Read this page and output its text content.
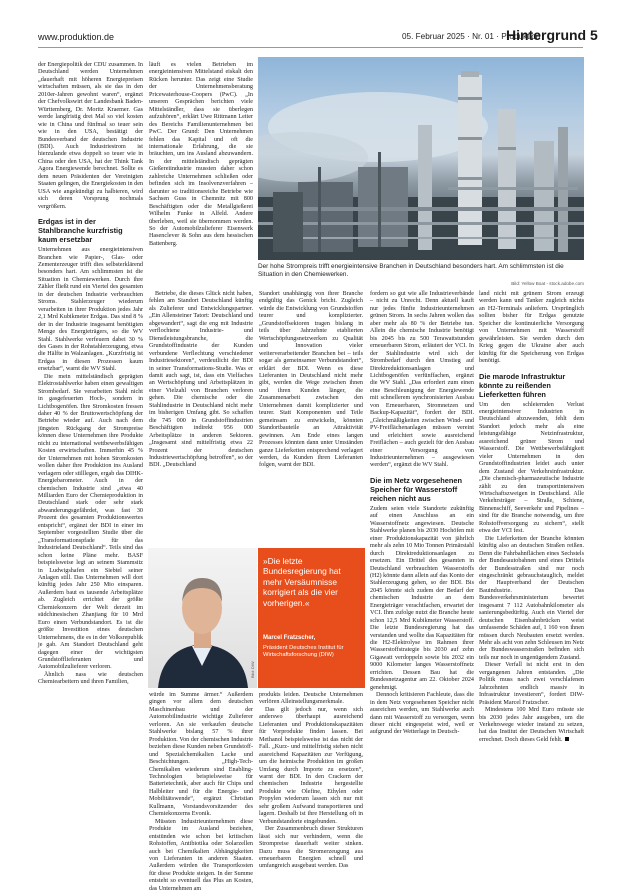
www.produktion.de	05. Februar 2025 · Nr. 01 · Produktion
Hintergrund 5

der Energiepolitik der CDU zusammen. In Deutschland werden Unternehmen „dauerhaft mit höheren Energiepreisen wirtschaften müssen, als sie das in den 2010er-Jahren gewohnt waren“, ergänzt der Chefvolkswirt der Landesbank Baden-Württemberg, Dr. Moritz Kraemer. Gas werde langfristig drei Mal so viel kosten wie in China und fünfmal so teuer sein wie in den USA, bestätigt der Bundesverband der deutschen Industrie (BDI). Auch Industriestrom ist hierzulande etwa doppelt so teuer wie in China oder den USA, hat der Think Tank Agora Energiewende berechnet. Sollte es dem neuen Präsidenten der Vereinigten Staaten gelingen, die Energiekosten in den USA wie angekündigt zu halbieren, wird sich deren Vorsprung nochmals vergrößern.

Erdgas ist in der Stahlbranche kurzfristig kaum ersetzbar

Unternehmen aus energieintensiven Branchen wie Papier-, Glas- oder Zementerzeuger trifft dies selbsterklärend besonders hart. Am schlimmsten ist die Situation in Chemiewerken. Durch ihre Zähler fließt rund ein Viertel des gesamten in der deutschen Industrie verbrauchten Stroms. Stahlerzeuger wiederum verarbeiten in ihrer Produktion jedes Jahr 2,1 Mrd Kubikmeter Erdgas. Das sind 8 % der in der Industrie insgesamt benötigten Menge des Energieträgers, so die WV Stahl. Stahlwerke verfeuern dabei 30 % des Gases in der Rohstahlerzeugung, etwa die Hälfte in Walzanlagen. „Kurzfristig ist Erdgas in diesen Prozessen kaum ersetzbar“, warnt die WV Stahl.

Die mein mittelständisch geprägten Elektrostahlwerke haben einen gewaltigen Strombedarf. Sie verarbeiten Stahl nicht in gasgefeuerten Hoch-, sondern in Lichtbogenöfen. Ihre Stromkosten fressen daher 40 % der Bruttowertschöpfung der Betriebe wieder auf. Auch nach dem jüngsten Rückgang der Strompreise können diese Unternehmen ihre Produkte nicht zu international wettbewerbsfähigen Kosten erwirtschaften. Immerhin 45 % der Unternehmen mit hohen Stromkosten wollen daher ihre Produktion ins Ausland verlagern oder stilllegen, ergab das DIHK-Energiebarometer. Auch in der chemischen Industrie sind „etwa 40 Milliarden Euro der Chemieproduktion in Deutschland stark oder sehr stark abwanderungsgefährdet, was fast 30 Prozent des gesamten Produktionswertes entspricht“, ergänzt der BDI in einer im September vorgestellten Studie über die „Transformationspfade für das Industrieland Deutschland“. Teils sind das schon keine Pläne mehr. BASF beispielsweise legt an seinem Stammsitz in Ludwigshafen ein Siebtel seiner Anlagen still. Das Unternehmen will dort künftig jedes Jahr 250 Mio einsparen. Außerdem baut es tausende Arbeitsplätze ab. Zugleich errichtet der größte Chemiekonzern der Welt derzeit im südchinesischen Zhanjiang für 10 Mrd Euro einen Verbundstandort. Es ist die größte Investition eines deutschen Unternehmens, die es in der Volksrepublik je gab. Am Standort Deutschland geht dagegen einer der wichtigsten Grundstofflieferanten und Automobilzulieferer verloren.

Ähnlich nass wie deutschen Chemiearbeitern und ihren Familien,

läuft es vielen Betrieben im energieintensiven Mittelstand eiskalt den Rücken herunter. Das zeigt eine Studie der Unternehmensberatung Pricewaterhouse-Coopers (PwC). „In unseren Gesprächen berichten viele Mittelständler, dass sie überlegen aufzuhören“, erklärt Uwe Rittmann Leiter des Bereichs Familienunternehmen bei PwC. Der Grund: Den Unternehmen fehlen das Kapital und oft die internationale Erfahrung, die sie bräuchten, um ins Ausland abzuwandern. In der mittelständisch geprägten Gießereiindustrie mussten daher schon zahlreiche Unternehmen schließen oder befinden sich im Insolvenzverfahren – darunter so traditionsreiche Betriebe wie Sachsen Guss in Chemnitz mit 800 Beschäftigten oder die Metallgießerei Wilhelm Funke in Alfeld. Andere überleben, weil sie übernommen werden. So der Automobilzulieferer Eisenwerk Hasenclever & Sohn aus dem hessischen Battenberg.

Der hohe Strompreis trifft energieintensive Branchen in Deutschland besonders hart. Am schlimmsten ist die Situation in den Chemiewerken.
Bild: Yellow Boat - stock.adobe.com

Betriebe, die dieses Glück nicht haben, fehlen am Standort Deutschland künftig als Zulieferer und Entwicklungspartner. „Ein Allensteiner Tatort: Deutschland und abgewandert“, sagt die eng mit Industrie verflochtene Industrie- und Dienstleistungsbranche, die Grundstoffindustrie der Kunden verbundene Verflechtung verschiedener Industriesektoren“, verdeutlicht der BDI in seiner Transformations-Studie. Was er damit auch sagt, ist, dass ein Vielfaches an Wertschöpfung und Arbeitsplätzen in einer Vielzahl von Branchen verloren gehen. Die chemische oder die Stahlindustrie in Deutschland nicht mehr im bisherigen Umfang gibt. So schaffen die 745 000 in Grundstoffindustrien Beschäftigten indirekt 956 000 Arbeitsplätze in anderen Sektoren. „Insgesamt sind mittelfristig etwa 22 Prozent der deutschen Industriewertschöpfung betroffen“, so der BDI. „Deutschland

Bild: DIW
»Die letzte Bundesregierung hat mehr Versäumnisse korrigiert als die vier vorherigen.«
Marcel Fratzscher,
Präsident Deutsches Institut für Wirtschaftsforschung (DIW)

würde im Summe ärmer.“ Außerdem gingen vor allem dem deutschen Maschinenbau und der Automobilindustrie wichtige Zulieferer verloren. An sie verkaufen deutsche Stahlwerke bislang 57 % ihrer Produktion. Von der chemischen Industrie beziehen diese Kunden neben Grundstoff- und Spezialchemikalien Lacke und Beschichtungen. „High-Tech-Chemikalien wiederum sind Enabling-Technologien beispielsweise für Batterietechnik, aber auch für Chips und Halbleiter und für die Energie- und Mobilitätswende“, ergänzt Christian Kullmann, Vorstandsvorsitzender des Chemiekonzerns Evonik.

Müssten Industrieunternehmen diese Produkte im Ausland beziehen, entstünden wie schon bei kritischen Rohstoffen, Antibiotika oder Solarzellen auch bei Chemikalien Abhängigkeiten von Lieferanten in anderen Staaten. Außerdem würden die Transportkosten für diese Produkte steigen. In der Summe entsteht so eventuell das Plus an Kosten, das Unternehmen am

Standort unabhängig von ihrer Branche endgültig das Genick bricht. Zugleich würde die Entwicklung von Grundstoffen teurer und komplizierter. „Grundstoffsektoren tragen bislang in teils über Jahrzehnte etablierten Wertschöpfungsnetzwerken zu Qualität und Innovation vieler weiterverarbeitender Branchen bei – teils sogar als gemeinsamer Verbundstandort“, erklärt der BDI. Wenn es diese Lieferanten in Deutschland nicht mehr gibt, werden die Wege zwischen ihnen und ihren Kunden länger, die Zusammenarbeit zwischen den Unternehmen damit komplizierter und teurer. Statt Komponenten und Teile gemeinsam zu entwickeln, könnten Standortbauteile an Attraktivität gewinnen. Am Ende eines langen Prozesses könnten dann unter Umständen ganze Lieferketten entsprechend verlagert werden, da Kunden ihren Lieferanten folgen, warnt der BDI.

produkts leiden. Deutsche Unternehmen verlören Alleinstellungsmerkmale.

Das gilt jedoch nur, wenn sich anderswo überhaupt ausreichend Lieferanten und Produktionskapazitäten für Vorprodukte finden lassen. Bei Methanol beispielsweise ist das nicht der Fall. „Kurz- und mittelfristig stehen nicht ausreichend Kapazitäten zur Verfügung, um die heimische Produktion im großen Umfang durch Importe zu ersetzen“, warnt der BDI. In den Crackern der chemischen Industrie hergestellte Produkte wie Olefine, Ethylen oder Propylen wiederum lassen sich nur mit sehr großem Aufwand transportieren und lagern. Deshalb ist ihre Herstellung oft in Verbundstandorte eingebunden.

Der Zusammenbruch dieser Strukturen lässt sich nur verhindern, wenn die Strompreise dauerhaft weiter sinken. Dazu muss die Stromerzeugung aus erneuerbaren Energien schnell und umfangreich ausgebaut werden. Das

fordern so gut wie alle Industrieverbände – nicht zu Unrecht. Denn aktuell kauft nur jedes fünfte Industrieunternehmen grünen Strom. In sechs Jahren wollen das aber mehr als 80 % der Betriebe tun. Allein die chemische Industrie benötigt bis 2045 bis zu 500 Terawattstunden erneuerbaren Strom, erläutert der VCI. In der Stahlindustrie wird sich der Strombedarf durch den Umstieg auf Direktreduktionsanlagen und Lichtbogenöfen verfünffachen, ergänzt die WV Stahl. „Das erfordert zum einen eine Beschleunigung der Energiewende mit schnellerem synchronisierten Ausbau von Erneuerbaren, Stromnetzen und Backup-Kapazität“, fordert der BDI. „Gleichmäßigkeiten zwischen Wind- und PV-Freiflächenanlagen müssen vereint und erleichtert sowie ausreichend Freiflächen – auch gezielt für den Ausbau einer Versorgung von Industrieunternehmen – ausgewiesen werden“, ergänzt die WV Stahl.

Die im Netz vorgesehenen Speicher für Wasserstoff reichen nicht aus

Zudem seien viele Standorte zukünftig auf einen Anschluss an ein Wasserstoffnetz angewiesen. Deutsche Stahlwerke planen bis 2030 Hochöfen mit einer Produktionskapazität von jährlich mehr als zehn 10 Mio Tonnen Primärstahl durch Direktreduktionsanlagen zu ersetzen. Ein Drittel des gesamten in Deutschland verbrauchten Wasserstoffs (H2) könnte dann allein auf das Konto der Stahlerzeugung gehen, so der BDI. Bis 2045 könnte sich zudem der Bedarf der chemischen Industrie an dem Energieträger verachtfachen, erwartet der VCI. Ihm zufolge nutzt die Branche heute schon 12,5 Mrd Kubikmeter Wasserstoff. Die letzte Bundesregierung hat das verstanden und wollte das Kapazitäten für die H2-Elektrolyse im Rahmen ihrer Wasserstoffstrategie bis 2030 auf zehn Gigawatt verdoppeln sowie bis 2032 ein 9000 Kilometer langes Wasserstoffnetz errichten. Dessen Bau hat die Bundesnetzagentur am 22. Oktober 2024 genehmigt.

Dennoch kritisieren Fachleute, dass die in dem Netz vorgesehenen Speicher nicht ausreichen werden, um Stahlwerke auch dann mit Wasserstoff zu versorgen, wenn dieser nicht eingespeist wird, weil er aufgrund der Wetterlage in Deutsch-

land nicht mit grünem Strom erzeugt werden kann und Tanker zugleich nichts an H2-Terminals anliefern. Ursprünglich sollten bisher für Erdgas genutzte Speicher die kontinuierliche Versorgung von Unternehmen mit Wasserstoff gewährleisten. Sie werden durch den Krieg gegen die Ukraine aber auch künftig für die Speicherung von Erdgas benötigt.

Die marode Infrastruktur könnte zu reißenden Lieferketten führen

Um den schleiernden Verlust energieintensiver Industrien in Deutschland abzuwenden, fehlt dem Standort jedoch mehr als eine leistungsfähige Netzinfrastruktur, ausreichend grüner Strom und Wasserstoff. Die Wettbewerbsfähigkeit vieler Unternehmen in den Grundstoffindustrien leidet auch unter dem Zustand der Verkehrsinfrastruktur. „Die chemisch-pharmazeutische Industrie zählt zu den transportintensiven Wirtschaftszweigen in Deutschland. Alle Verkehrsträger – Straße, Schiene, Binnenschiff, Seeverkehr und Pipelines – sind für die Branche notwendig, um ihre Rohstoffversorgung zu sichern“, stellt etwa der VCI fest.

Die Lieferketten der Branche könnten künftig also an deutschen Straßen reißen. Denn die Fahrbahnflächen eines Sechstels der Bundesautobahnen und eines Drittels der Bundesstraßen sind nur noch eingeschränkt gebrauchstauglich, meldet der Hauptverband der Deutschen Bauindustrie. Das Bundesverkehrsministerium bewertet insgesamt 7 112 Autobahnkilometer als sanierungsbedürftig. Auch ein Viertel der deutschen Eisenbahnbrücken weist umfassende Schäden auf, 1 160 von ihnen müssen durch Neubauten ersetzt werden. Mehr als acht von zehn Schleusen im Netz der Bundeswasserstraßen befinden sich teils nur noch in ungenügendem Zustand.

Dieser Verfall ist nicht erst in den vergangenen Jahren entstanden. „Die Politik muss nach zwei verschlafenen Jahrzehnten endlich massiv in Infrastruktur investieren“, fordert DIW-Präsident Marcel Fratzscher.

Mindestens 100 Mrd Euro müsste sie bis 2030 jedes Jahr ausgeben, um die Verkehrswege wieder instand zu setzen, hat das Institut der Deutschen Wirtschaft errechnet. Doch dieses Geld fehlt.
